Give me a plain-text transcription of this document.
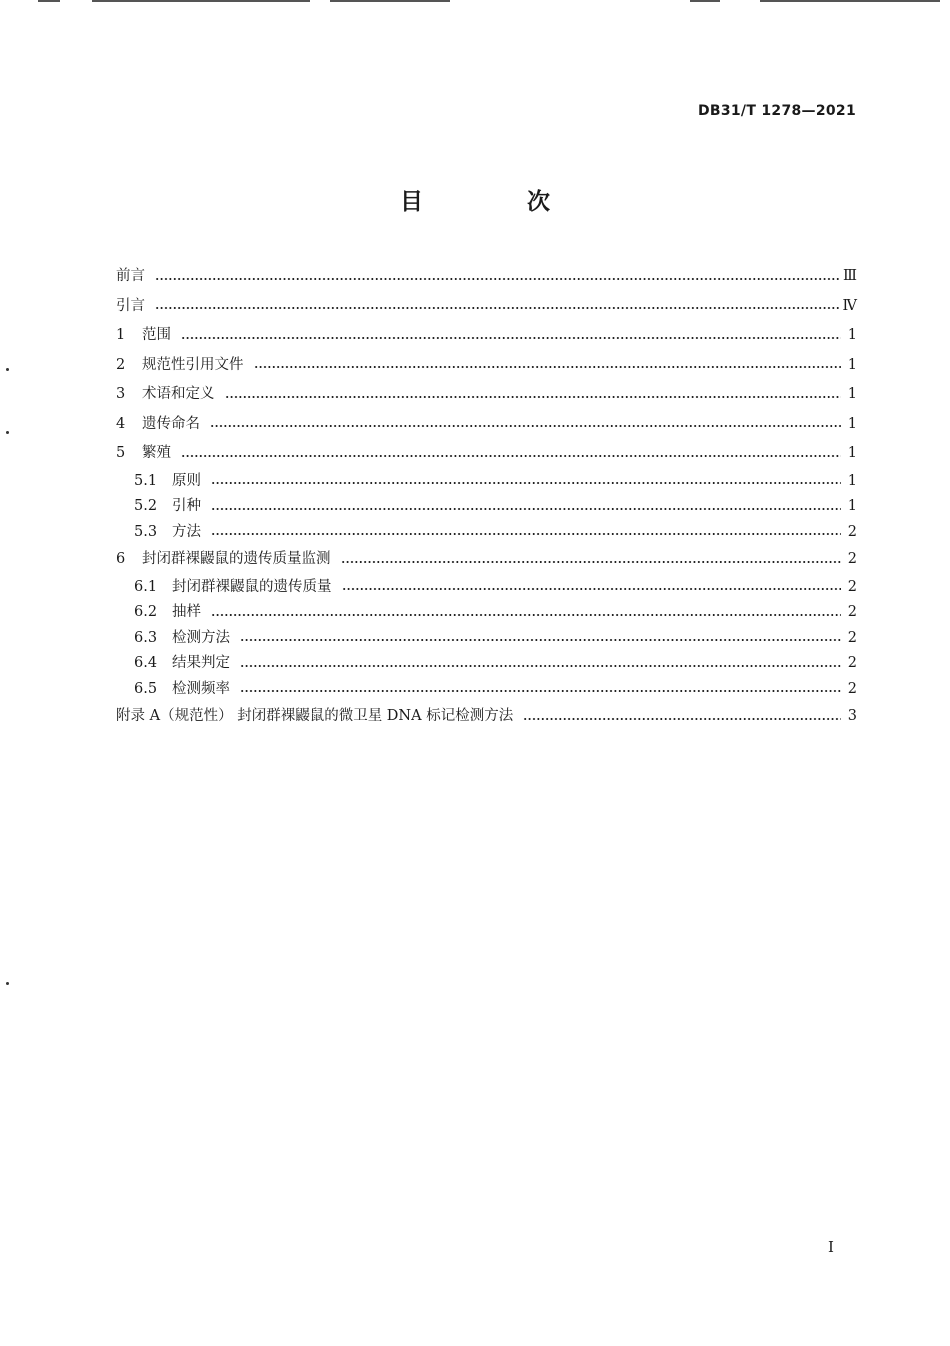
DB31/T 1278—2021
目 次
前言	Ⅲ
引言	Ⅳ
1	范围	1
2	规范性引用文件	1
3	术语和定义	1
4	遗传命名	1
5	繁殖	1
5.1	原则	1
5.2	引种	1
5.3	方法	2
6	封闭群裸鼹鼠的遗传质量监测	2
6.1	封闭群裸鼹鼠的遗传质量	2
6.2	抽样	2
6.3	检测方法	2
6.4	结果判定	2
6.5	检测频率	2
附录 A（规范性） 封闭群裸鼹鼠的微卫星 DNA 标记检测方法	3
I
